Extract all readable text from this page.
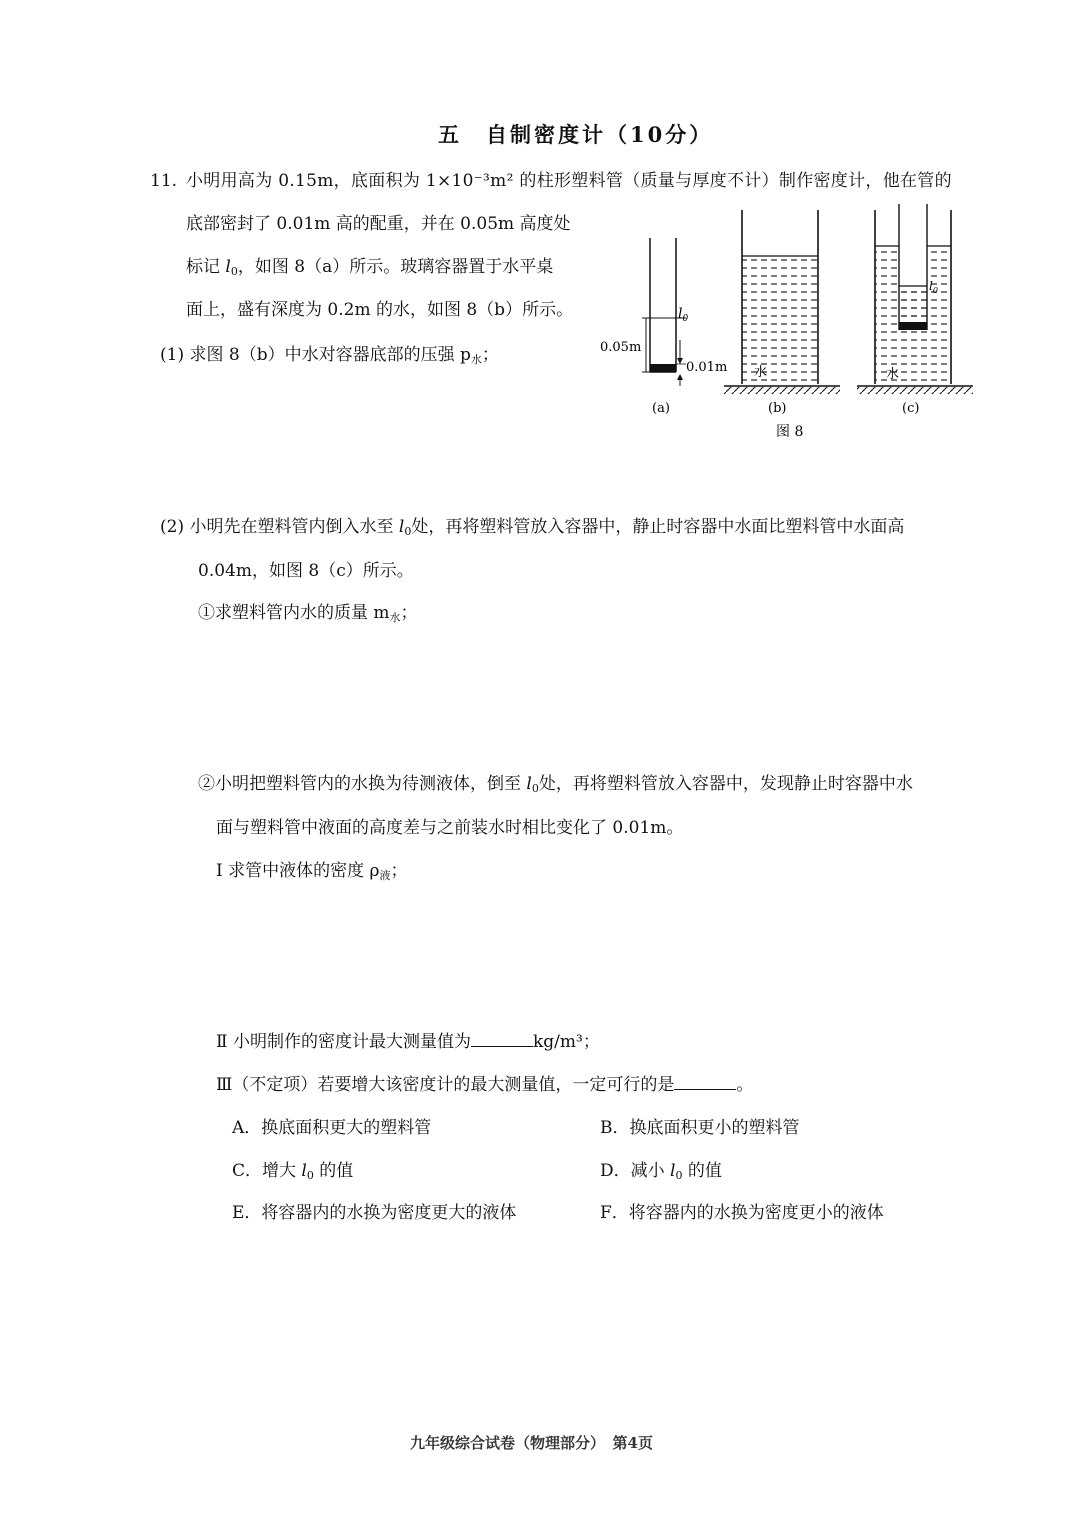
五　自制密度计（10分）
11. 小明用高为 0.15m，底面积为 1×10⁻³m² 的柱形塑料管（质量与厚度不计）制作密度计，他在管的
底部密封了 0.01m 高的配重，并在 0.05m 高度处
标记 $l_0$，如图 8（a）所示。玻璃容器置于水平桌
面上，盛有深度为 0.2m 的水，如图 8（b）所示。
(1) 求图 8（b）中水对容器底部的压强 $p_水$；
$l_0$
0.05m
0.01m
(a)
水
(b)
$l_0$
水
(c)
图 8
(2) 小明先在塑料管内倒入水至 $l_0$处，再将塑料管放入容器中，静止时容器中水面比塑料管中水面高
0.04m，如图 8（c）所示。
①求塑料管内水的质量 $m_水$；
②小明把塑料管内的水换为待测液体，倒至 $l_0$处，再将塑料管放入容器中，发现静止时容器中水
面与塑料管中液面的高度差与之前装水时相比变化了 0.01m。
Ⅰ 求管中液体的密度 $\rho_液$；
Ⅱ 小明制作的密度计最大测量值为	kg/m³；
Ⅲ（不定项）若要增大该密度计的最大测量值，一定可行的是	。
A．换底面积更大的塑料管	B．换底面积更小的塑料管
C．增大 $l_0$ 的值	D．减小 $l_0$ 的值
E．将容器内的水换为密度更大的液体	F．将容器内的水换为密度更小的液体
九年级综合试卷（物理部分）　第4页
